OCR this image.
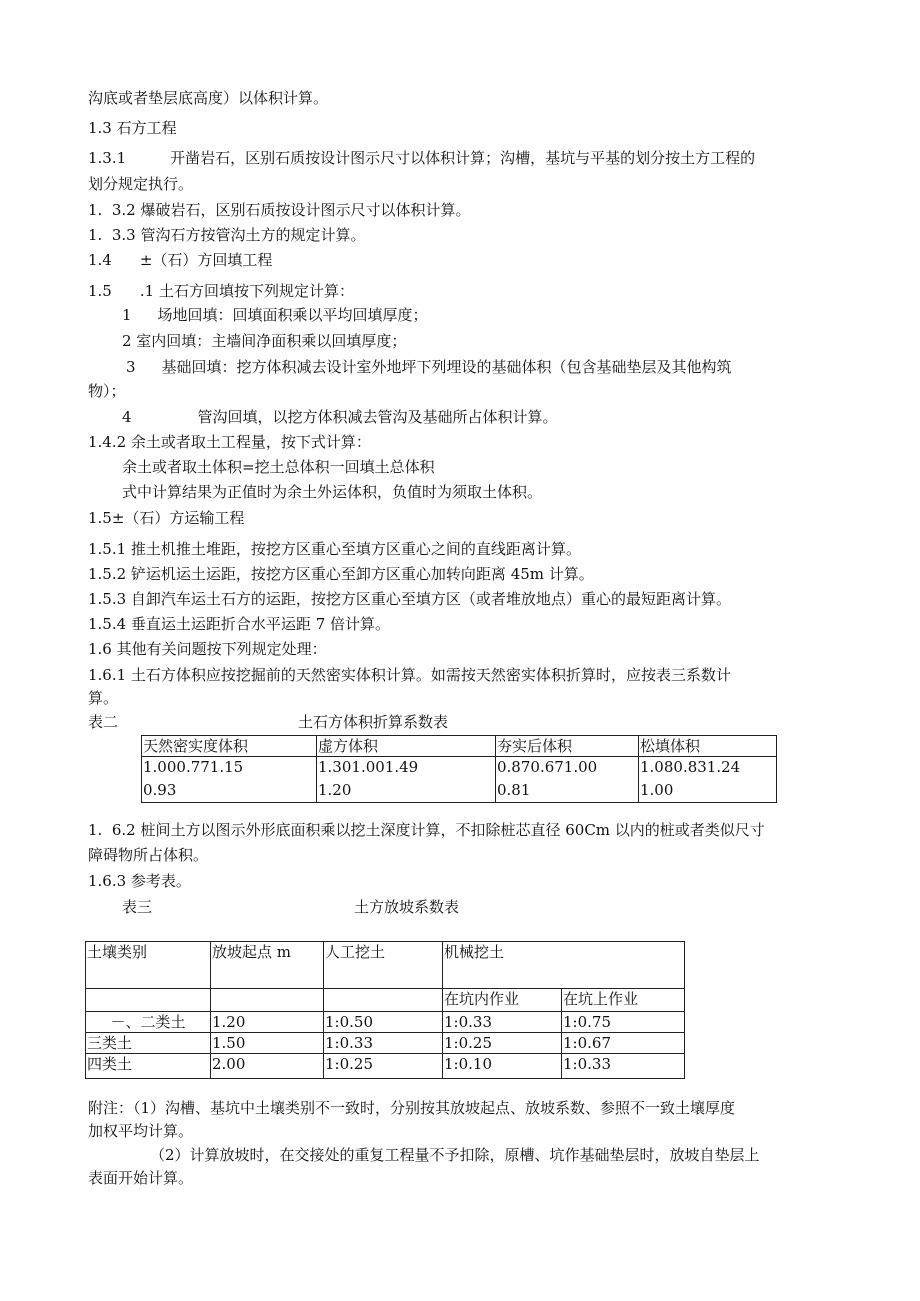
沟底或者垫层底高度）以体积计算。
1.3 石方工程
1.3.1	开凿岩石，区别石质按设计图示尺寸以体积计算；沟槽，基坑与平基的划分按土方工程的
划分规定执行。
1.  3.2 爆破岩石，区别石质按设计图示尺寸以体积计算。
1.  3.3 管沟石方按管沟土方的规定计算。
1.4 ±（石）方回填工程
1.5 .1 土石方回填按下列规定计算：
1 场地回填：回填面积乘以平均回填厚度；
2 室内回填：主墙间净面积乘以回填厚度；
3 基础回填：挖方体积减去设计室外地坪下列埋设的基础体积（包含基础垫层及其他构筑
物）；
4	管沟回填，以挖方体积减去管沟及基础所占体积计算。
1.4.2 余土或者取土工程量，按下式计算：
余土或者取土体积=挖土总体积一回填土总体积
式中计算结果为正值时为余土外运体积，负值时为须取土体积。
1.5±（石）方运输工程
1.5.1 推土机推土堆距，按挖方区重心至填方区重心之间的直线距离计算。
1.5.2 铲运机运土运距，按挖方区重心至卸方区重心加转向距离 45m 计算。
1.5.3 自卸汽车运土石方的运距，按挖方区重心至填方区（或者堆放地点）重心的最短距离计算。
1.5.4 垂直运土运距折合水平运距 7 倍计算。
1.6 其他有关问题按下列规定处理：
1.6.1 土石方体积应按挖掘前的天然密实体积计算。如需按天然密实体积折算时，应按表三系数计
算。
表二	土石方体积折算系数表
天然密实度体积	虚方体积	夯实后体积	松填体积
1.000.771.15	1.301.001.49	0.870.671.00	1.080.831.24
0.93	1.20	0.81	1.00
1.  6.2 桩间土方以图示外形底面积乘以挖土深度计算，不扣除桩芯直径 60Cm 以内的桩或者类似尺寸
障碍物所占体积。
1.6.3 参考表。
表三	土方放坡系数表
土壤类别	放坡起点 m	人工挖土	机械挖土	
			在坑内作业	在坑上作业
－、二类土	1.20	1:0.50	1:0.33	1:0.75
三类土	1.50	1:0.33	1:0.25	1:0.67
四类土	2.00	1:0.25	1:0.10	1:0.33
附注：（1）沟槽、基坑中土壤类别不一致时，分别按其放坡起点、放坡系数、参照不一致土壤厚度
加权平均计算。
（2）计算放坡时，在交接处的重复工程量不予扣除，原槽、坑作基础垫层时，放坡自垫层上
表面开始计算。
